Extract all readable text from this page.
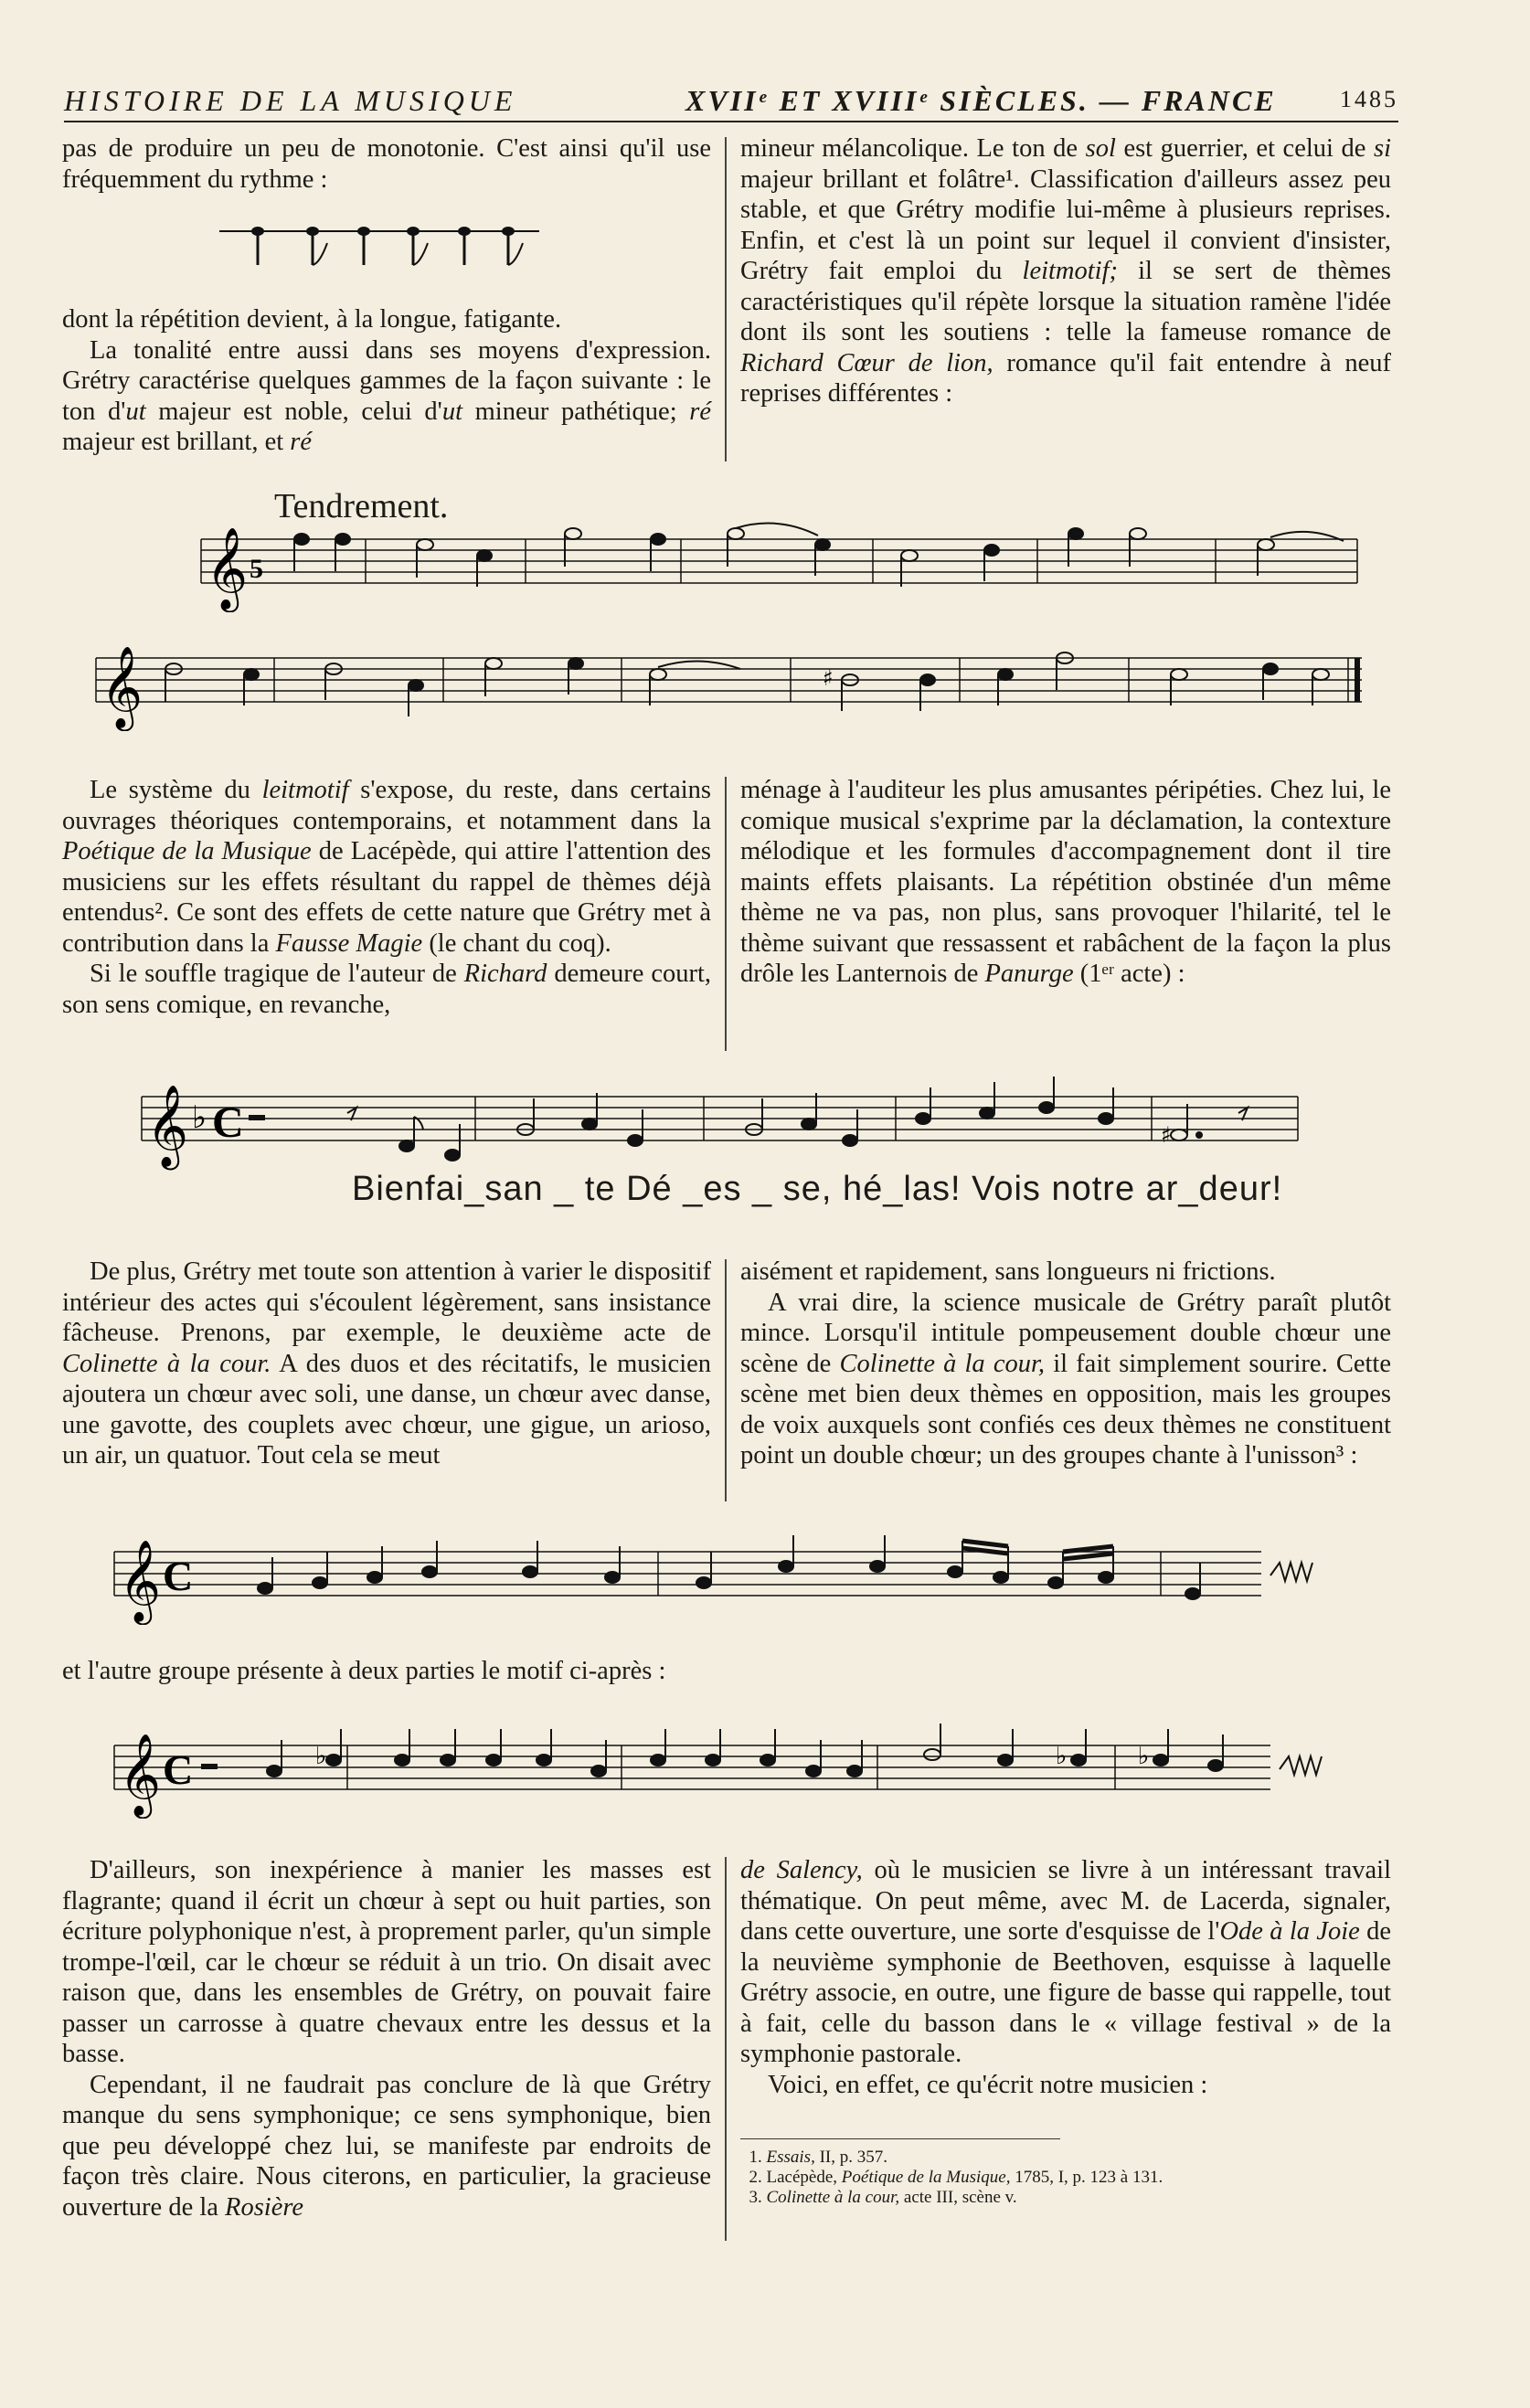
HISTOIRE DE LA MUSIQUE	XVIIᵉ ET XVIIIᵉ SIÈCLES. — FRANCE	1485

pas de produire un peu de monotonie. C'est ainsi qu'il use fréquemment du rythme :

dont la répétition devient, à la longue, fatigante.

La tonalité entre aussi dans ses moyens d'expression. Grétry caractérise quelques gammes de la façon suivante : le ton d'ut majeur est noble, celui d'ut mineur pathétique; ré majeur est brillant, et ré

mineur mélancolique. Le ton de sol est guerrier, et celui de si majeur brillant et folâtre¹. Classification d'ailleurs assez peu stable, et que Grétry modifie lui-même à plusieurs reprises. Enfin, et c'est là un point sur lequel il convient d'insister, Grétry fait emploi du leitmotif; il se sert de thèmes caractéristiques qu'il répète lorsque la situation ramène l'idée dont ils sont les soutiens : telle la fameuse romance de Richard Cœur de lion, romance qu'il fait entendre à neuf reprises différentes :

Tendrement.
𝄞 5
𝄞	♯

Le système du leitmotif s'expose, du reste, dans certains ouvrages théoriques contemporains, et notamment dans la Poétique de la Musique de Lacépède, qui attire l'attention des musiciens sur les effets résultant du rappel de thèmes déjà entendus². Ce sont des effets de cette nature que Grétry met à contribution dans la Fausse Magie (le chant du coq).

Si le souffle tragique de l'auteur de Richard demeure court, son sens comique, en revanche,

ménage à l'auditeur les plus amusantes péripéties. Chez lui, le comique musical s'exprime par la déclamation, la contexture mélodique et les formules d'accompagnement dont il tire maints effets plaisants. La répétition obstinée d'un même thème ne va pas, non plus, sans provoquer l'hilarité, tel le thème suivant que ressassent et rabâchent de la façon la plus drôle les Lanternois de Panurge (1ᵉʳ acte) :

𝄞 ♭ C	♯
Bienfai_san _ te Dé _es _ se, hé_las! Vois notre ar_deur!

De plus, Grétry met toute son attention à varier le dispositif intérieur des actes qui s'écoulent légèrement, sans insistance fâcheuse. Prenons, par exemple, le deuxième acte de Colinette à la cour. A des duos et des récitatifs, le musicien ajoutera un chœur avec soli, une danse, un chœur avec danse, une gavotte, des couplets avec chœur, une gigue, un arioso, un air, un quatuor. Tout cela se meut

aisément et rapidement, sans longueurs ni frictions.

A vrai dire, la science musicale de Grétry paraît plutôt mince. Lorsqu'il intitule pompeusement double chœur une scène de Colinette à la cour, il fait simplement sourire. Cette scène met bien deux thèmes en opposition, mais les groupes de voix auxquels sont confiés ces deux thèmes ne constituent point un double chœur; un des groupes chante à l'unisson³ :

𝄞 C

et l'autre groupe présente à deux parties le motif ci-après :

𝄞 C	♭	♭	♭

D'ailleurs, son inexpérience à manier les masses est flagrante; quand il écrit un chœur à sept ou huit parties, son écriture polyphonique n'est, à proprement parler, qu'un simple trompe-l'œil, car le chœur se réduit à un trio. On disait avec raison que, dans les ensembles de Grétry, on pouvait faire passer un carrosse à quatre chevaux entre les dessus et la basse.

Cependant, il ne faudrait pas conclure de là que Grétry manque du sens symphonique; ce sens symphonique, bien que peu développé chez lui, se manifeste par endroits de façon très claire. Nous citerons, en particulier, la gracieuse ouverture de la Rosière

de Salency, où le musicien se livre à un intéressant travail thématique. On peut même, avec M. de Lacerda, signaler, dans cette ouverture, une sorte d'esquisse de l'Ode à la Joie de la neuvième symphonie de Beethoven, esquisse à laquelle Grétry associe, en outre, une figure de basse qui rappelle, tout à fait, celle du basson dans le « village festival » de la symphonie pastorale.

Voici, en effet, ce qu'écrit notre musicien :

1. Essais, II, p. 357.
2. Lacépède, Poétique de la Musique, 1785, I, p. 123 à 131.
3. Colinette à la cour, acte III, scène v.
